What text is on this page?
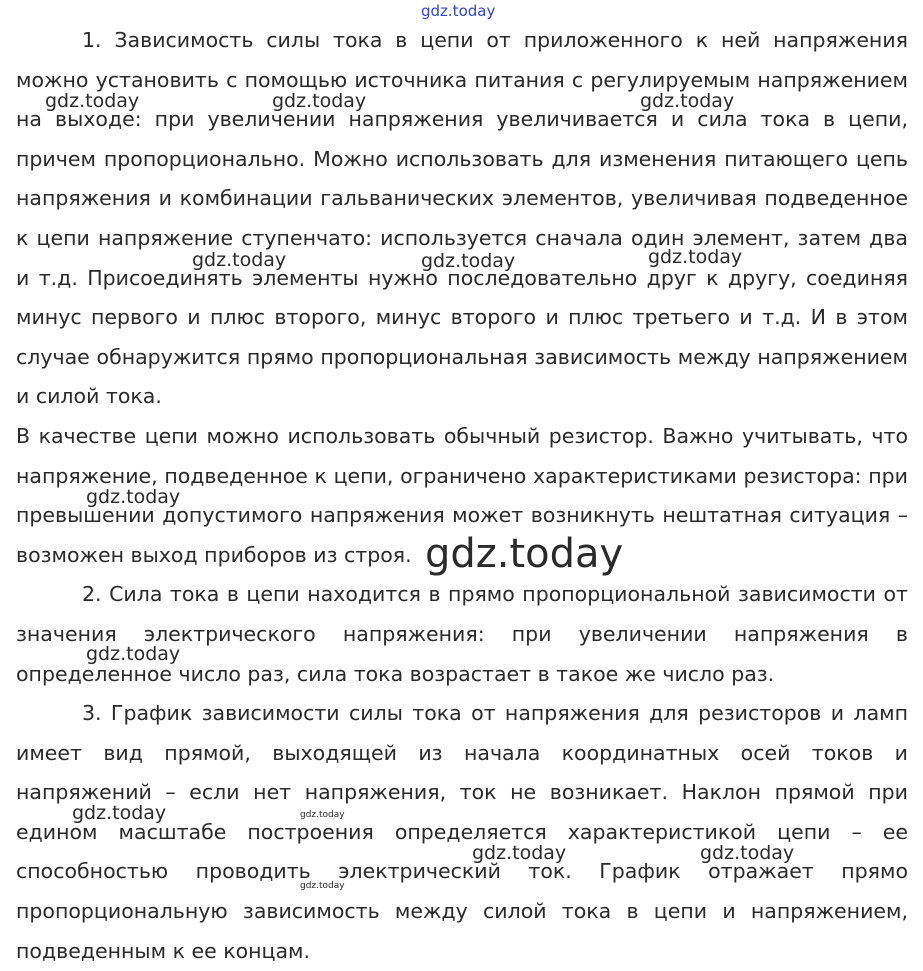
1. Зависимость силы тока в цепи от приложенного к ней напряжения можно установить с помощью источника питания с регулируемым напряжением на выходе: при увеличении напряжения увеличивается и сила тока в цепи, причем пропорционально. Можно использовать для изменения питающего цепь напряжения и комбинации гальванических элементов, увеличивая подведенное к цепи напряжение ступенчато: используется сначала один элемент, затем два и т.д. Присоединять элементы нужно последовательно друг к другу, соединяя минус первого и плюс второго, минус второго и плюс третьего и т.д. И в этом случае обнаружится прямо пропорциональная зависимость между напряжением и силой тока.

В качестве цепи можно использовать обычный резистор. Важно учитывать, что напряжение, подведенное к цепи, ограничено характеристиками резистора: при превышении допустимого напряжения может возникнуть нештатная ситуация – возможен выход приборов из строя.

2. Сила тока в цепи находится в прямо пропорциональной зависимости от значения электрического напряжения: при увеличении напряжения в определенное число раз, сила тока возрастает в такое же число раз.

3. График зависимости силы тока от напряжения для резисторов и ламп имеет вид прямой, выходящей из начала координатных осей токов и напряжений – если нет напряжения, ток не возникает. Наклон прямой при едином масштабе построения определяется характеристикой цепи – ее способностью проводить электрический ток. График отражает прямо пропорциональную зависимость между силой тока в цепи и напряжением, подведенным к ее концам.

gdz.today
gdz.today	gdz.today	gdz.today
gdz.today	gdz.today	gdz.today
gdz.today
gdz.today
gdz.today
gdz.today	gdz.today
gdz.today	gdz.today
gdz.today
